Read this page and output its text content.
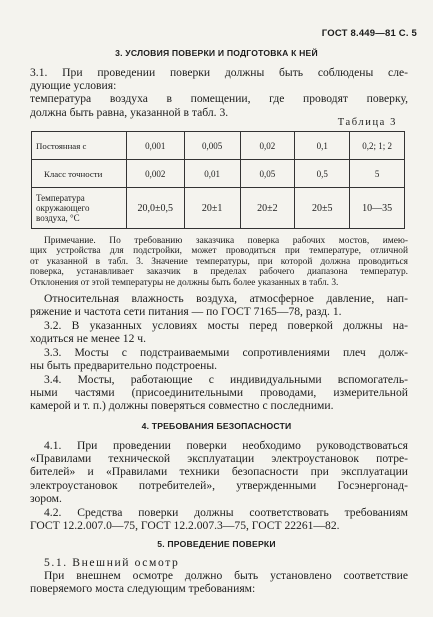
ГОСТ 8.449—81 С. 5
3. УСЛОВИЯ ПОВЕРКИ И ПОДГОТОВКА К НЕЙ

3.1. При проведении поверки должны быть соблюдены сле-
дующие условия:
температура воздуха в помещении, где проводят поверку,
должна быть равна, указанной в табл. 3.

Таблица 3
Постоянная c	0,001	0,005	0,02	0,1	0,2; 1; 2
Класс точности	0,002	0,01	0,05	0,5	5

Температура
окружающего
воздуха, °С	20,0±0,5	20±1	20±2	20±5	10—35

Примечание. По требованию заказчика поверка рабочих мостов, имею-
щих устройства для подстройки, может проводиться при температуре, отличной
от указанной в табл. 3. Значение температуры, при которой должна проводиться
поверка, устанавливает заказчик в пределах рабочего диапазона температур.
Отклонения от этой температуры не должны быть более указанных в табл. 3.

Относительная влажность воздуха, атмосферное давление, нап-
ряжение и частота сети питания — по ГОСТ 7165—78, разд. 1.

3.2. В указанных условиях мосты перед поверкой должны на-
ходиться не менее 12 ч.

3.3. Мосты с подстраиваемыми сопротивлениями плеч долж-
ны быть предварительно подстроены.

3.4. Мосты, работающие с индивидуальными вспомогатель-
ными частями (присоединительными проводами, измерительной
камерой и т. п.) должны поверяться совместно с последними.

4. ТРЕБОВАНИЯ БЕЗОПАСНОСТИ

4.1. При проведении поверки необходимо руководствоваться
«Правилами технической эксплуатации электроустановок потре-
бителей» и «Правилами техники безопасности при эксплуатации
электроустановок потребителей», утвержденными Госэнергонад-
зором.

4.2. Средства поверки должны соответствовать требованиям
ГОСТ 12.2.007.0—75, ГОСТ 12.2.007.3—75, ГОСТ 22261—82.

5. ПРОВЕДЕНИЕ ПОВЕРКИ

5.1. Внешний осмотр
При внешнем осмотре должно быть установлено соответствие
поверяемого моста следующим требованиям:
